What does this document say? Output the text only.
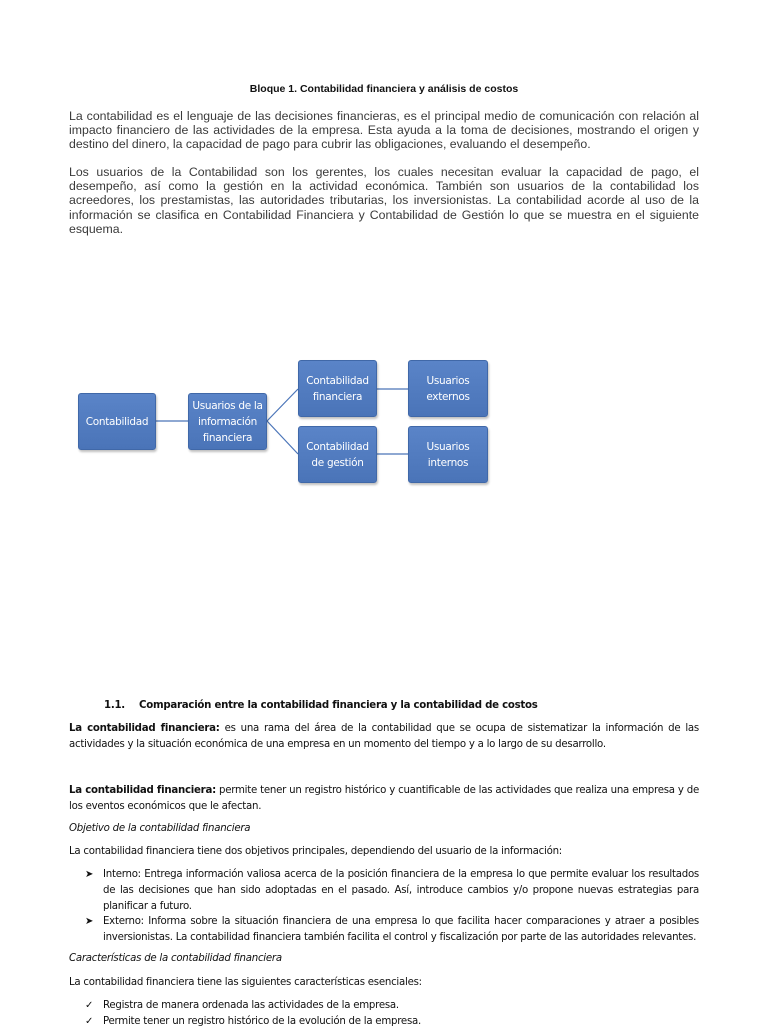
Bloque 1. Contabilidad financiera y análisis de costos
La contabilidad es el lenguaje de las decisiones financieras, es el principal medio de comunicación con relación al impacto financiero de las actividades de la empresa. Esta ayuda a la toma de decisiones, mostrando el origen y destino del dinero, la capacidad de pago para cubrir las obligaciones, evaluando el desempeño.
Los usuarios de la Contabilidad son los gerentes, los cuales necesitan evaluar la capacidad de pago, el desempeño, así como la gestión en la actividad económica. También son usuarios de la contabilidad los acreedores, los prestamistas, las autoridades tributarias, los inversionistas. La contabilidad acorde al uso de la información se clasifica en Contabilidad Financiera y Contabilidad de Gestión lo que se muestra en el siguiente esquema.
Contabilidad
Usuarios de la información financiera
Contabilidad financiera
Contabilidad de gestión
Usuarios externos
Usuarios internos
1.1. Comparación entre la contabilidad financiera y la contabilidad de costos
La contabilidad financiera: es una rama del área de la contabilidad que se ocupa de sistematizar la información de las actividades y la situación económica de una empresa en un momento del tiempo y a lo largo de su desarrollo.
La contabilidad financiera: permite tener un registro histórico y cuantificable de las actividades que realiza una empresa y de los eventos económicos que le afectan.
Objetivo de la contabilidad financiera
La contabilidad financiera tiene dos objetivos principales, dependiendo del usuario de la información:
➤ Interno: Entrega información valiosa acerca de la posición financiera de la empresa lo que permite evaluar los resultados de las decisiones que han sido adoptadas en el pasado. Así, introduce cambios y/o propone nuevas estrategias para planificar a futuro.
➤ Externo: Informa sobre la situación financiera de una empresa lo que facilita hacer comparaciones y atraer a posibles inversionistas. La contabilidad financiera también facilita el control y fiscalización por parte de las autoridades relevantes.
Características de la contabilidad financiera
La contabilidad financiera tiene las siguientes características esenciales:
✓ Registra de manera ordenada las actividades de la empresa.
✓ Permite tener un registro histórico de la evolución de la empresa.
